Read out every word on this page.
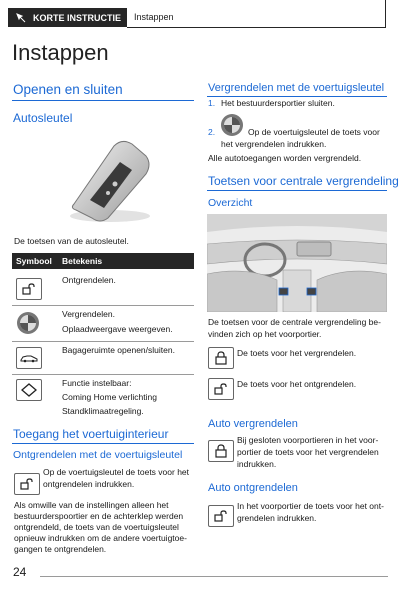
KORTE INSTRUCTIE Instappen
Instappen
Openen en sluiten
Autosleutel
De toetsen van de autosleutel.
Symbool Betekenis
Ontgrendelen.
Vergrendelen.
Oplaadweergave weergeven.
Bagageruimte openen/sluiten.
Functie instelbaar:
Coming Home verlichting
Standklimaatregeling.
Toegang het voertuiginterieur
Ontgrendelen met de voertuigsleutel
Op de voertuigsleutel de toets voor het
ontgrendelen indrukken.
Als omwille van de instellingen alleen het
bestuurderspoortier en de achterklep werden
ontgrendeld, de toets van de voertuigsleutel
opnieuw indrukken om de andere voertuigtoe-
gangen te ontgrendelen.
Vergrendelen met de voertuigsleutel
1. Het bestuurdersportier sluiten.
2.	Op de voertuigsleutel de toets voor
het vergrendelen indrukken.
Alle autotoegangen worden vergrendeld.
Toetsen voor centrale vergrendeling
Overzicht
De toetsen voor de centrale vergrendeling be-
vinden zich op het voorportier.
De toets voor het vergrendelen.
De toets voor het ontgrendelen.
Auto vergrendelen
Bij gesloten voorportieren in het voor-
portier de toets voor het vergrendelen
indrukken.
Auto ontgrendelen
In het voorportier de toets voor het ont-
grendelen indrukken.
24
